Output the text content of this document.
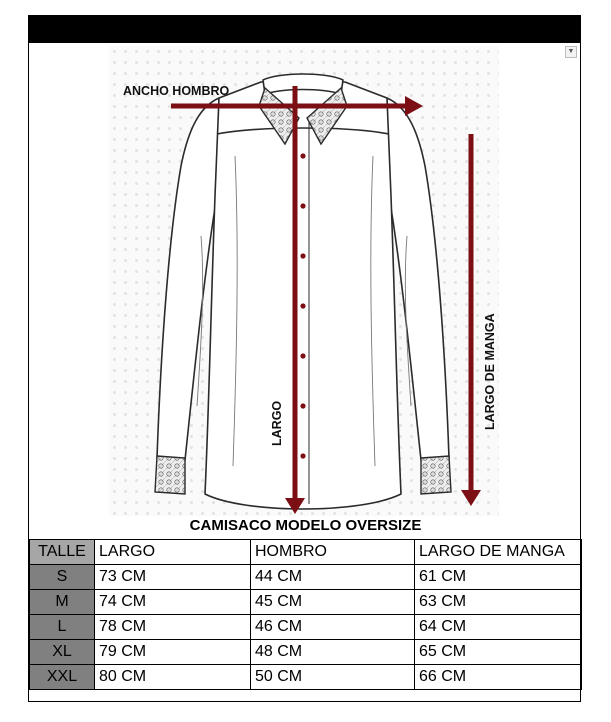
▼
ANCHO HOMBRO
LARGO	LARGO DE MANGA
CAMISACO MODELO OVERSIZE
TALLE	LARGO	HOMBRO	LARGO DE MANGA
S	73 CM	44 CM	61 CM
M	74 CM	45 CM	63 CM
L	78 CM	46 CM	64 CM
XL	79 CM	48 CM	65 CM
XXL	80 CM	50 CM	66 CM
